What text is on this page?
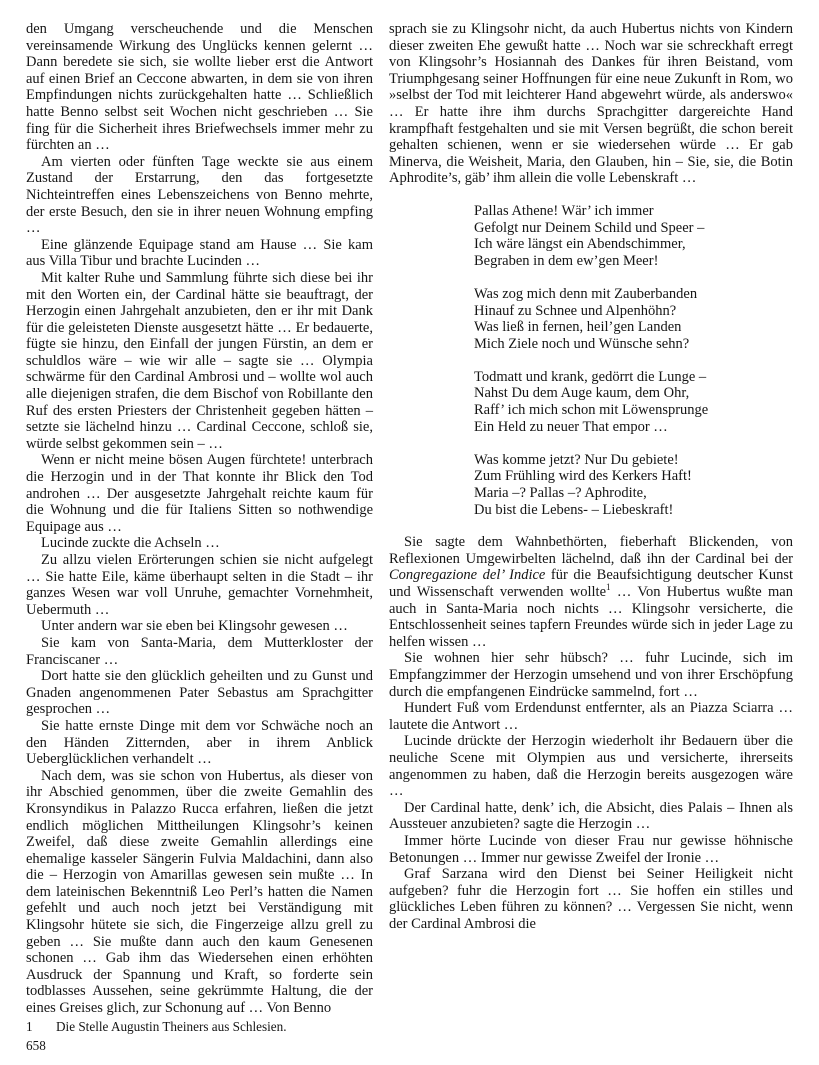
den Umgang verscheuchende und die Menschen vereinsamende Wirkung des Unglücks kennen gelernt … Dann beredete sie sich, sie wollte lieber erst die Antwort auf einen Brief an Ceccone abwarten, in dem sie von ihren Empfindungen nichts zurückgehalten hatte … Schließlich hatte Benno selbst seit Wochen nicht geschrieben … Sie fing für die Sicherheit ihres Briefwechsels immer mehr zu fürchten an …

Am vierten oder fünften Tage weckte sie aus einem Zustand der Erstarrung, den das fortgesetzte Nichteintreffen eines Lebenszeichens von Benno mehrte, der erste Besuch, den sie in ihrer neuen Wohnung empfing …

Eine glänzende Equipage stand am Hause … Sie kam aus Villa Tibur und brachte Lucinden …

Mit kalter Ruhe und Sammlung führte sich diese bei ihr mit den Worten ein, der Cardinal hätte sie beauftragt, der Herzogin einen Jahrgehalt anzubieten, den er ihr mit Dank für die geleisteten Dienste ausgesetzt hätte … Er bedauerte, fügte sie hinzu, den Einfall der jungen Fürstin, an dem er schuldlos wäre – wie wir alle – sagte sie … Olympia schwärme für den Cardinal Ambrosi und – wollte wol auch alle diejenigen strafen, die dem Bischof von Robillante den Ruf des ersten Priesters der Christenheit gegeben hätten – setzte sie lächelnd hinzu … Cardinal Ceccone, schloß sie, würde selbst gekommen sein – …

Wenn er nicht meine bösen Augen fürchtete! unterbrach die Herzogin und in der That konnte ihr Blick den Tod androhen … Der ausgesetzte Jahrgehalt reichte kaum für die Wohnung und die für Italiens Sitten so nothwendige Equipage aus …

Lucinde zuckte die Achseln …

Zu allzu vielen Erörterungen schien sie nicht aufgelegt … Sie hatte Eile, käme überhaupt selten in die Stadt – ihr ganzes Wesen war voll Unruhe, gemachter Vornehmheit, Uebermuth …

Unter andern war sie eben bei Klingsohr gewesen …

Sie kam von Santa-Maria, dem Mutterkloster der Franciscaner …

Dort hatte sie den glücklich geheilten und zu Gunst und Gnaden angenommenen Pater Sebastus am Sprachgitter gesprochen …

Sie hatte ernste Dinge mit dem vor Schwäche noch an den Händen Zitternden, aber in ihrem Anblick Ueberglücklichen verhandelt …

Nach dem, was sie schon von Hubertus, als dieser von ihr Abschied genommen, über die zweite Gemahlin des Kronsyndikus in Palazzo Rucca erfahren, ließen die jetzt endlich möglichen Mittheilungen Klingsohr’s keinen Zweifel, daß diese zweite Gemahlin allerdings eine ehemalige kasseler Sängerin Fulvia Maldachini, dann also die – Herzogin von Amarillas gewesen sein mußte … In dem lateinischen Bekenntniß Leo Perl’s hatten die Namen gefehlt und auch noch jetzt bei Verständigung mit Klingsohr hütete sie sich, die Fingerzeige allzu grell zu geben … Sie mußte dann auch den kaum Genesenen schonen … Gab ihm das Wiedersehen einen erhöhten Ausdruck der Spannung und Kraft, so forderte sein todblasses Aussehen, seine gekrümmte Haltung, die der eines Greises glich, zur Schonung auf … Von Benno

sprach sie zu Klingsohr nicht, da auch Hubertus nichts von Kindern dieser zweiten Ehe gewußt hatte … Noch war sie schreckhaft erregt von Klingsohr’s Hosiannah des Dankes für ihren Beistand, vom Triumphgesang seiner Hoffnungen für eine neue Zukunft in Rom, wo »selbst der Tod mit leichterer Hand abgewehrt würde, als anderswo« … Er hatte ihre ihm durchs Sprachgitter dargereichte Hand krampfhaft festgehalten und sie mit Versen begrüßt, die schon bereit gehalten schienen, wenn er sie wiedersehen würde … Er gab Minerva, die Weisheit, Maria, den Glauben, hin – Sie, sie, die Botin Aphrodite’s, gäb’ ihm allein die volle Lebenskraft …

Pallas Athene! Wär’ ich immer
Gefolgt nur Deinem Schild und Speer –
Ich wäre längst ein Abendschimmer,
Begraben in dem ew’gen Meer!
Was zog mich denn mit Zauberbanden
Hinauf zu Schnee und Alpenhöhn?
Was ließ in fernen, heil’gen Landen
Mich Ziele noch und Wünsche sehn?
Todmatt und krank, gedörrt die Lunge –
Nahst Du dem Auge kaum, dem Ohr,
Raff’ ich mich schon mit Löwensprunge
Ein Held zu neuer That empor …
Was komme jetzt? Nur Du gebiete!
Zum Frühling wird des Kerkers Haft!
Maria –? Pallas –? Aphrodite,
Du bist die Lebens- – Liebeskraft!

Sie sagte dem Wahnbethörten, fieberhaft Blickenden, von Reflexionen Umgewirbelten lächelnd, daß ihn der Cardinal bei der Congregazione del’ Indice für die Beaufsichtigung deutscher Kunst und Wissenschaft verwenden wollte$^1$ … Von Hubertus wußte man auch in Santa-Maria noch nichts … Klingsohr versicherte, die Entschlossenheit seines tapfern Freundes würde sich in jeder Lage zu helfen wissen …

Sie wohnen hier sehr hübsch? … fuhr Lucinde, sich im Empfangzimmer der Herzogin umsehend und von ihrer Erschöpfung durch die empfangenen Eindrücke sammelnd, fort …

Hundert Fuß vom Erdendunst entfernter, als an Piazza Sciarra … lautete die Antwort …

Lucinde drückte der Herzogin wiederholt ihr Bedauern über die neuliche Scene mit Olympien aus und versicherte, ihrerseits angenommen zu haben, daß die Herzogin bereits ausgezogen wäre …

Der Cardinal hatte, denk’ ich, die Absicht, dies Palais – Ihnen als Aussteuer anzubieten? sagte die Herzogin …

Immer hörte Lucinde von dieser Frau nur gewisse höhnische Betonungen … Immer nur gewisse Zweifel der Ironie …

Graf Sarzana wird den Dienst bei Seiner Heiligkeit nicht aufgeben? fuhr die Herzogin fort … Sie hoffen ein stilles und glückliches Leben führen zu können? … Vergessen Sie nicht, wenn der Cardinal Ambrosi die

1 Die Stelle Augustin Theiners aus Schlesien.
658
